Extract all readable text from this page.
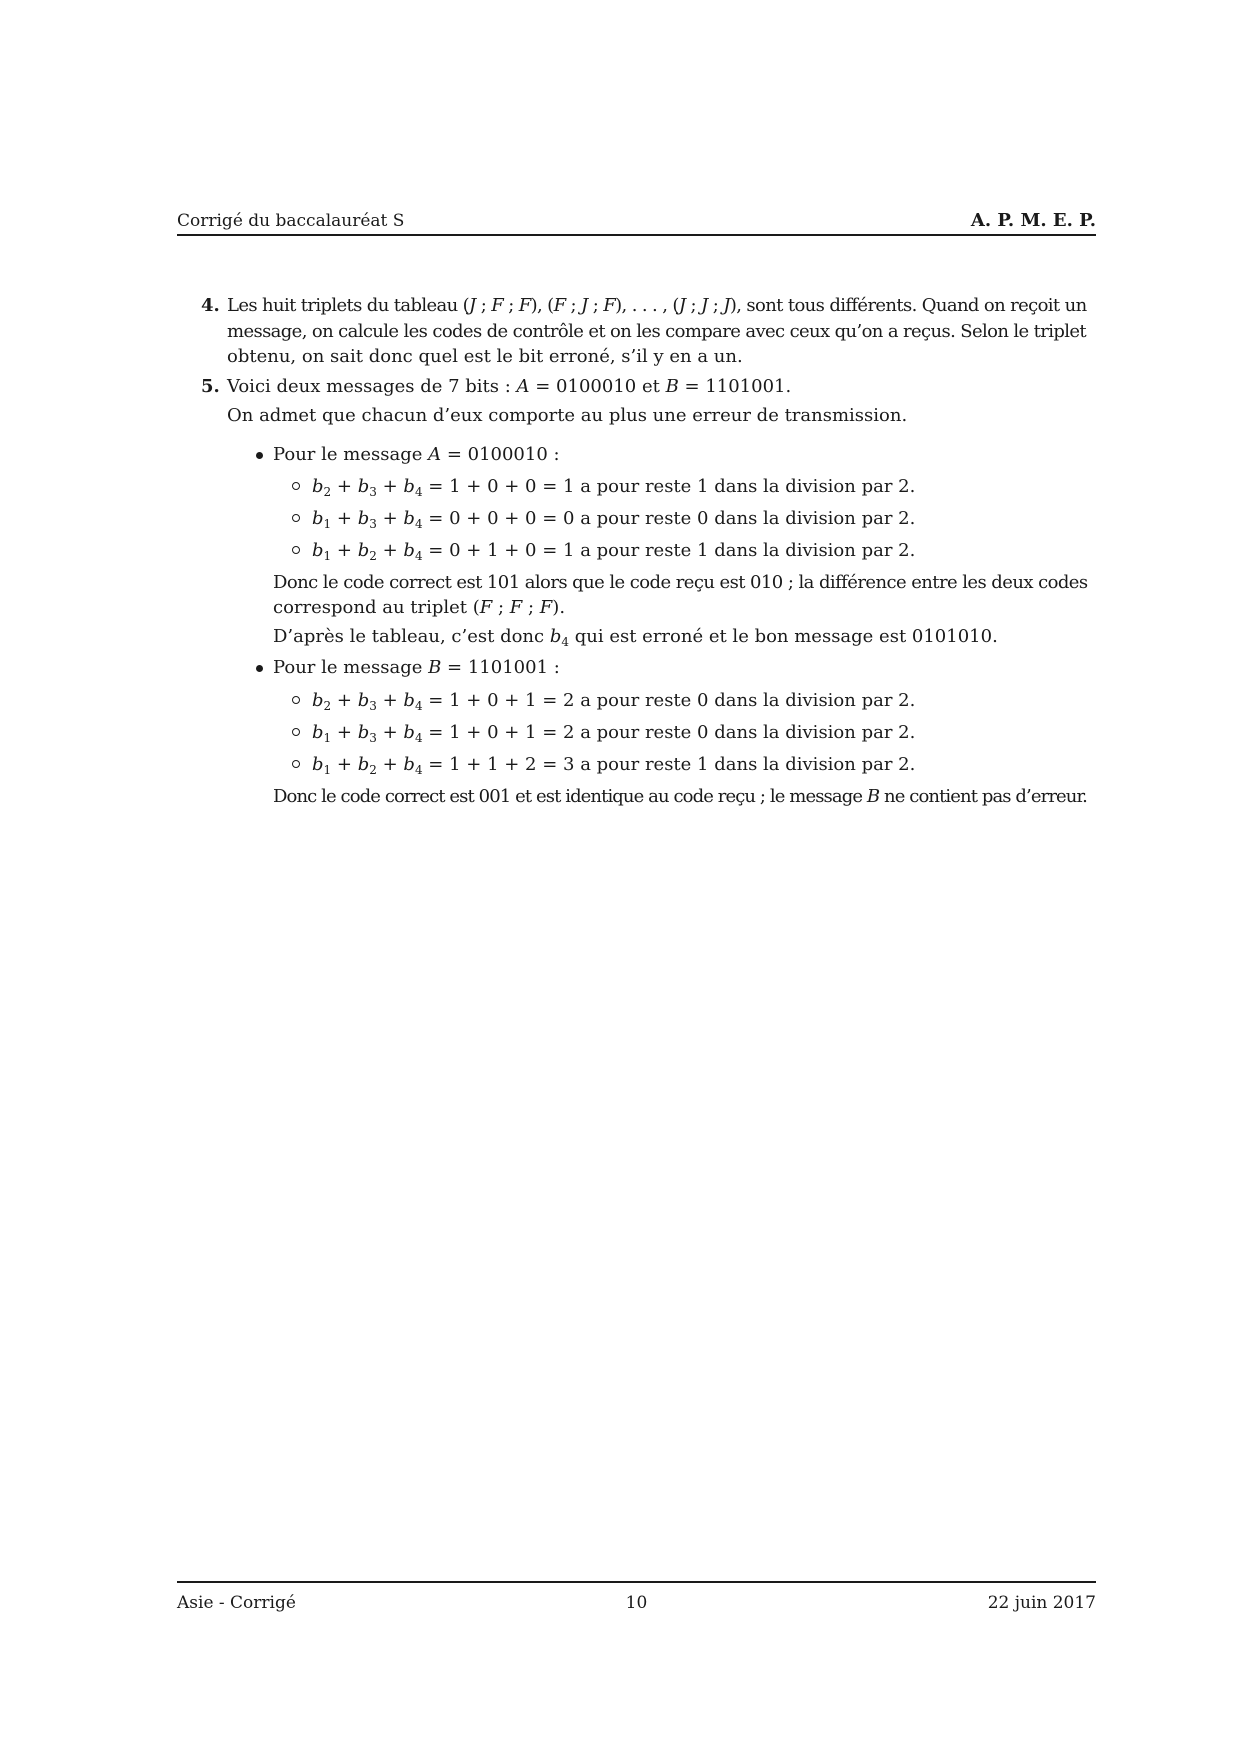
Corrigé du baccalauréat S	A. P. M. E. P.
4. Les huit triplets du tableau (J ; F ; F), (F ; J ; F), . . . , (J ; J ; J), sont tous différents. Quand on reçoit un
message, on calcule les codes de contrôle et on les compare avec ceux qu’on a reçus. Selon le triplet
obtenu, on sait donc quel est le bit erroné, s’il y en a un.
5. Voici deux messages de 7 bits : A = 0100010 et B = 1101001.
On admet que chacun d’eux comporte au plus une erreur de transmission.
Pour le message A = 0100010 :
$b_2 + b_3 + b_4 = 1 + 0 + 0 = 1$ a pour reste 1 dans la division par 2.
$b_1 + b_3 + b_4 = 0 + 0 + 0 = 0$ a pour reste 0 dans la division par 2.
$b_1 + b_2 + b_4 = 0 + 1 + 0 = 1$ a pour reste 1 dans la division par 2.
Donc le code correct est 101 alors que le code reçu est 010 ; la différence entre les deux codes
correspond au triplet (F ; F ; F).
D’après le tableau, c’est donc $b_4$ qui est erroné et le bon message est 0101010.
Pour le message B = 1101001 :
$b_2 + b_3 + b_4 = 1 + 0 + 1 = 2$ a pour reste 0 dans la division par 2.
$b_1 + b_3 + b_4 = 1 + 0 + 1 = 2$ a pour reste 0 dans la division par 2.
$b_1 + b_2 + b_4 = 1 + 1 + 2 = 3$ a pour reste 1 dans la division par 2.
Donc le code correct est 001 et est identique au code reçu ; le message B ne contient pas d’erreur.
Asie - Corrigé	10	22 juin 2017
